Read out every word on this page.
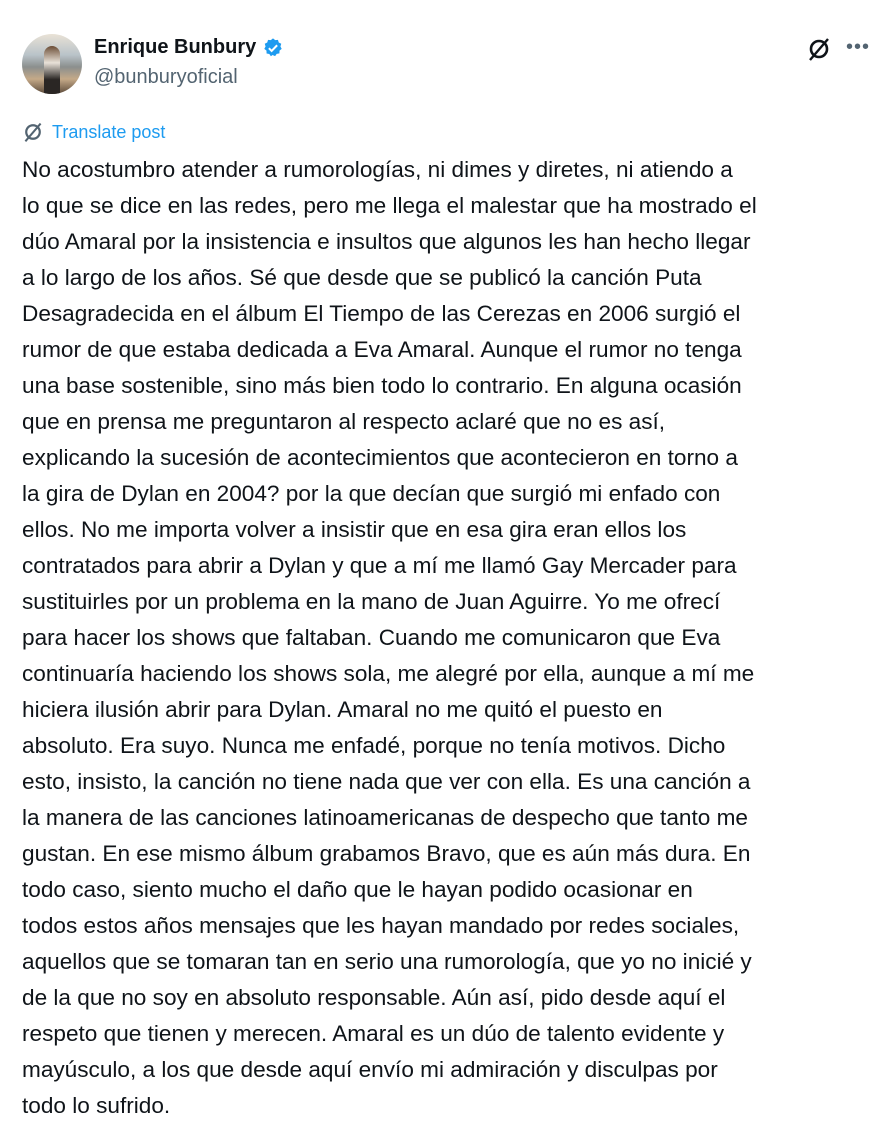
Enrique Bunbury
@bunburyoficial
•••
Translate post
No acostumbro atender a rumorologías, ni dimes y diretes, ni atiendo a
lo que se dice en las redes, pero me llega el malestar que ha mostrado el
dúo Amaral por la insistencia e insultos que algunos les han hecho llegar
a lo largo de los años. Sé que desde que se publicó la canción Puta
Desagradecida en el álbum El Tiempo de las Cerezas en 2006 surgió el
rumor de que estaba dedicada a Eva Amaral. Aunque el rumor no tenga
una base sostenible, sino más bien todo lo contrario. En alguna ocasión
que en prensa me preguntaron al respecto aclaré que no es así,
explicando la sucesión de acontecimientos que acontecieron en torno a
la gira de Dylan en 2004? por la que decían que surgió mi enfado con
ellos. No me importa volver a insistir que en esa gira eran ellos los
contratados para abrir a Dylan y que a mí me llamó Gay Mercader para
sustituirles por un problema en la mano de Juan Aguirre. Yo me ofrecí
para hacer los shows que faltaban. Cuando me comunicaron que Eva
continuaría haciendo los shows sola, me alegré por ella, aunque a mí me
hiciera ilusión abrir para Dylan. Amaral no me quitó el puesto en
absoluto. Era suyo. Nunca me enfadé, porque no tenía motivos. Dicho
esto, insisto, la canción no tiene nada que ver con ella. Es una canción a
la manera de las canciones latinoamericanas de despecho que tanto me
gustan. En ese mismo álbum grabamos Bravo, que es aún más dura. En
todo caso, siento mucho el daño que le hayan podido ocasionar en
todos estos años mensajes que les hayan mandado por redes sociales,
aquellos que se tomaran tan en serio una rumorología, que yo no inicié y
de la que no soy en absoluto responsable. Aún así, pido desde aquí el
respeto que tienen y merecen. Amaral es un dúo de talento evidente y
mayúsculo, a los que desde aquí envío mi admiración y disculpas por
todo lo sufrido.
